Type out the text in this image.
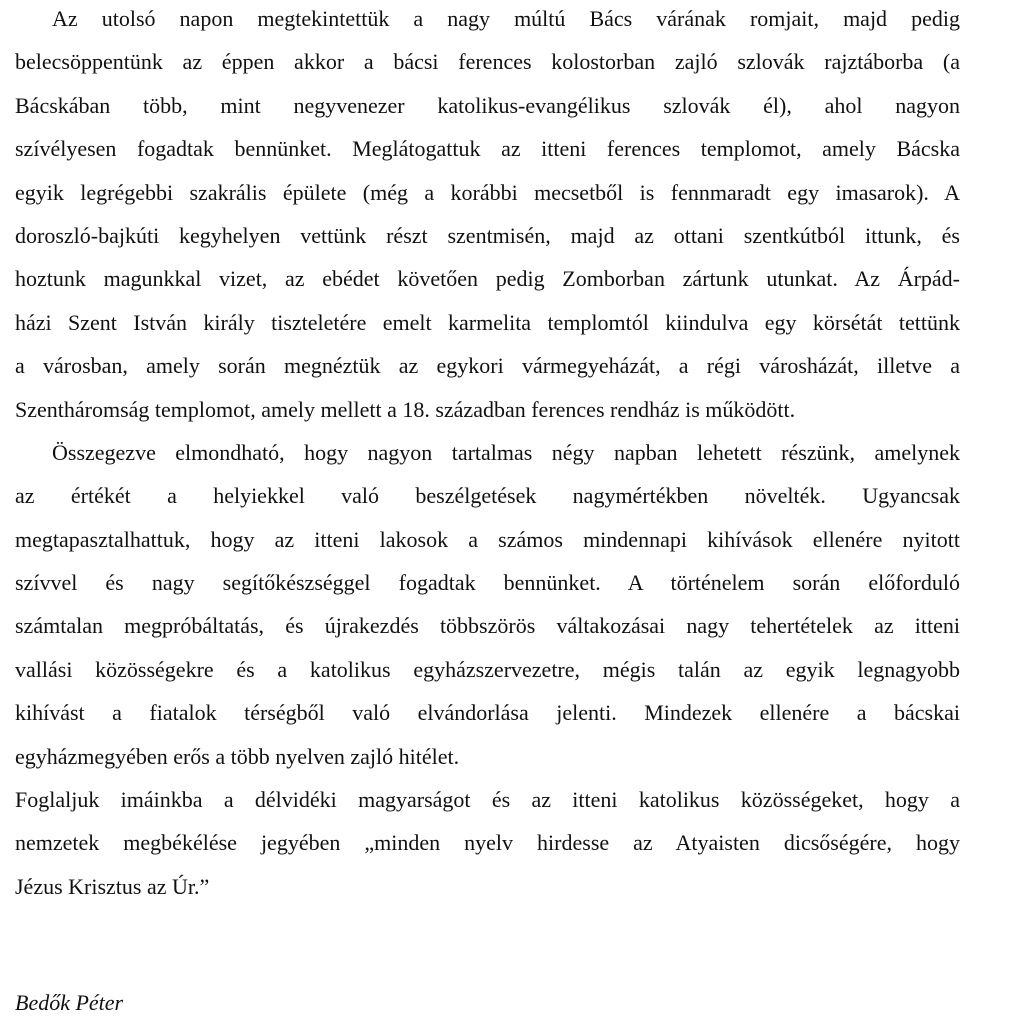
Az utolsó napon megtekintettük a nagy múltú Bács várának romjait, majd pedig
belecsöppentünk az éppen akkor a bácsi ferences kolostorban zajló szlovák rajztáborba (a
Bácskában több, mint negyvenezer katolikus-evangélikus szlovák él), ahol nagyon
szívélyesen fogadtak bennünket. Meglátogattuk az itteni ferences templomot, amely Bácska
egyik legrégebbi szakrális épülete (még a korábbi mecsetből is fennmaradt egy imasarok). A
doroszló-bajkúti kegyhelyen vettünk részt szentmisén, majd az ottani szentkútból ittunk, és
hoztunk magunkkal vizet, az ebédet követően pedig Zomborban zártunk utunkat. Az Árpád-
házi Szent István király tiszteletére emelt karmelita templomtól kiindulva egy körsétát tettünk
a városban, amely során megnéztük az egykori vármegyeházát, a régi városházát, illetve a
Szentháromság templomot, amely mellett a 18. században ferences rendház is működött.
Összegezve elmondható, hogy nagyon tartalmas négy napban lehetett részünk, amelynek
az értékét a helyiekkel való beszélgetések nagymértékben növelték. Ugyancsak
megtapasztalhattuk, hogy az itteni lakosok a számos mindennapi kihívások ellenére nyitott
szívvel és nagy segítőkészséggel fogadtak bennünket. A történelem során előforduló
számtalan megpróbáltatás, és újrakezdés többszörös váltakozásai nagy tehertételek az itteni
vallási közösségekre és a katolikus egyházszervezetre, mégis talán az egyik legnagyobb
kihívást a fiatalok térségből való elvándorlása jelenti. Mindezek ellenére a bácskai
egyházmegyében erős a több nyelven zajló hitélet.
Foglaljuk imáinkba a délvidéki magyarságot és az itteni katolikus közösségeket, hogy a
nemzetek megbékélése jegyében „minden nyelv hirdesse az Atyaisten dicsőségére, hogy
Jézus Krisztus az Úr.”
Bedők Péter
